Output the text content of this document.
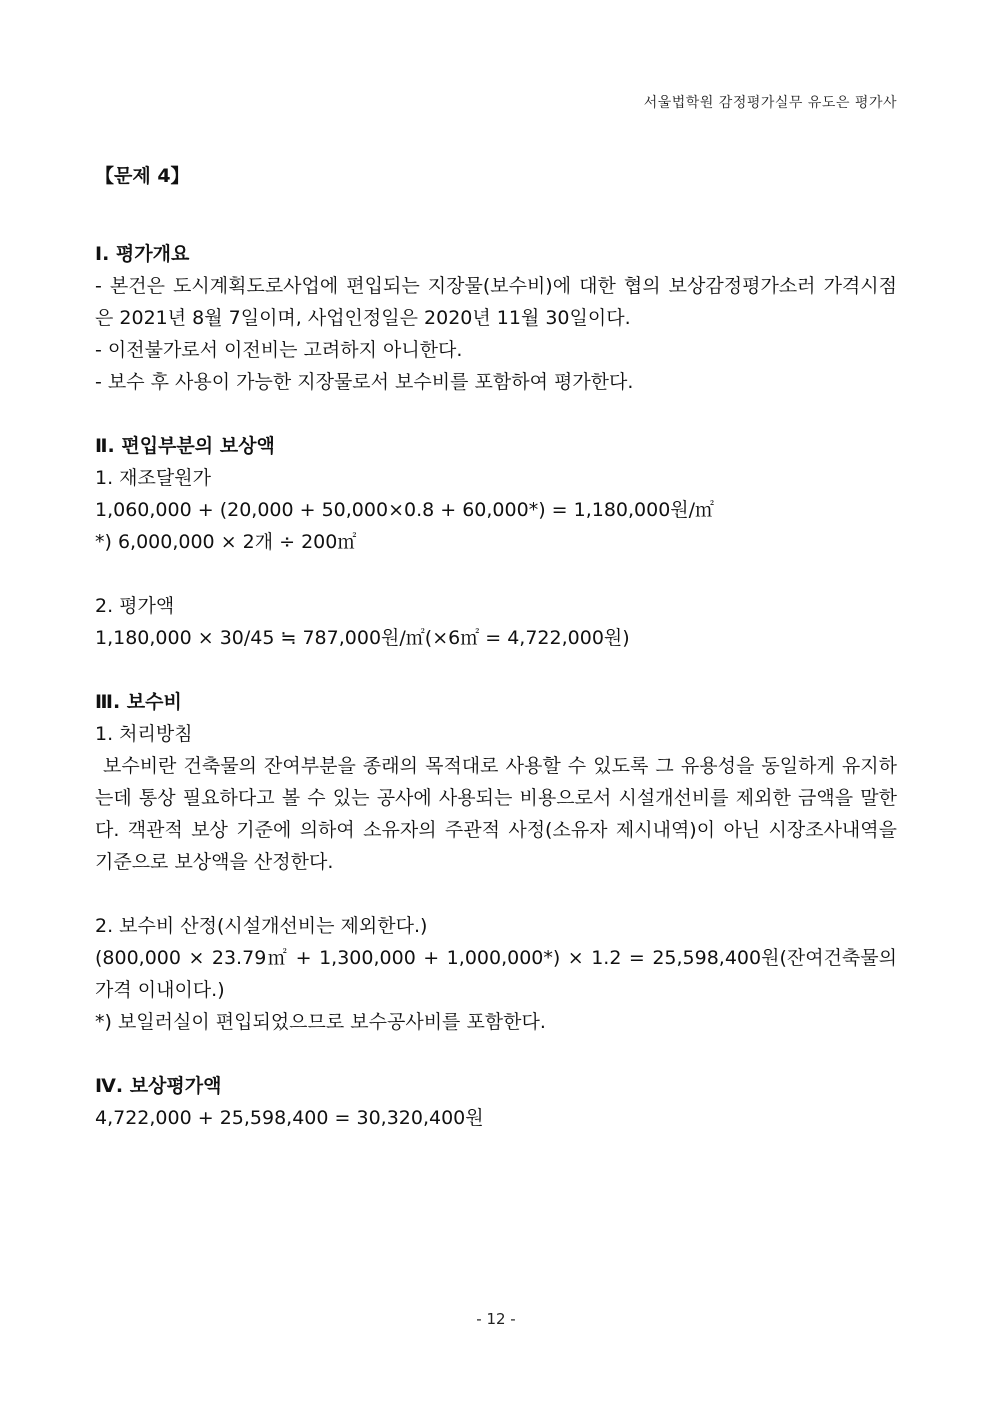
서울법학원 감정평가실무 유도은 평가사
【문제 4】
Ⅰ. 평가개요
- 본건은 도시계획도로사업에 편입되는 지장물(보수비)에 대한 협의 보상감정평가소러 가격시점은 2021년 8월 7일이며, 사업인정일은 2020년 11월 30일이다.
- 이전불가로서 이전비는 고려하지 아니한다.
- 보수 후 사용이 가능한 지장물로서 보수비를 포함하여 평가한다.
Ⅱ. 편입부분의 보상액
1. 재조달원가
1,060,000 + (20,000 + 50,000×0.8 + 60,000*) = 1,180,000원/㎡
*) 6,000,000 × 2개 ÷ 200㎡
2. 평가액
1,180,000 × 30/45 ≒ 787,000원/㎡(×6㎡ = 4,722,000원)
Ⅲ. 보수비
1. 처리방침
보수비란 건축물의 잔여부분을 종래의 목적대로 사용할 수 있도록 그 유용성을 동일하게 유지하는데 통상 필요하다고 볼 수 있는 공사에 사용되는 비용으로서 시설개선비를 제외한 금액을 말한다. 객관적 보상 기준에 의하여 소유자의 주관적 사정(소유자 제시내역)이 아닌 시장조사내역을 기준으로 보상액을 산정한다.
2. 보수비 산정(시설개선비는 제외한다.)
(800,000 × 23.79㎡ + 1,300,000 + 1,000,000*) × 1.2 = 25,598,400원(잔여건축물의 가격 이내이다.)
*) 보일러실이 편입되었으므로 보수공사비를 포함한다.
Ⅳ. 보상평가액
4,722,000 + 25,598,400 = 30,320,400원
- 12 -
